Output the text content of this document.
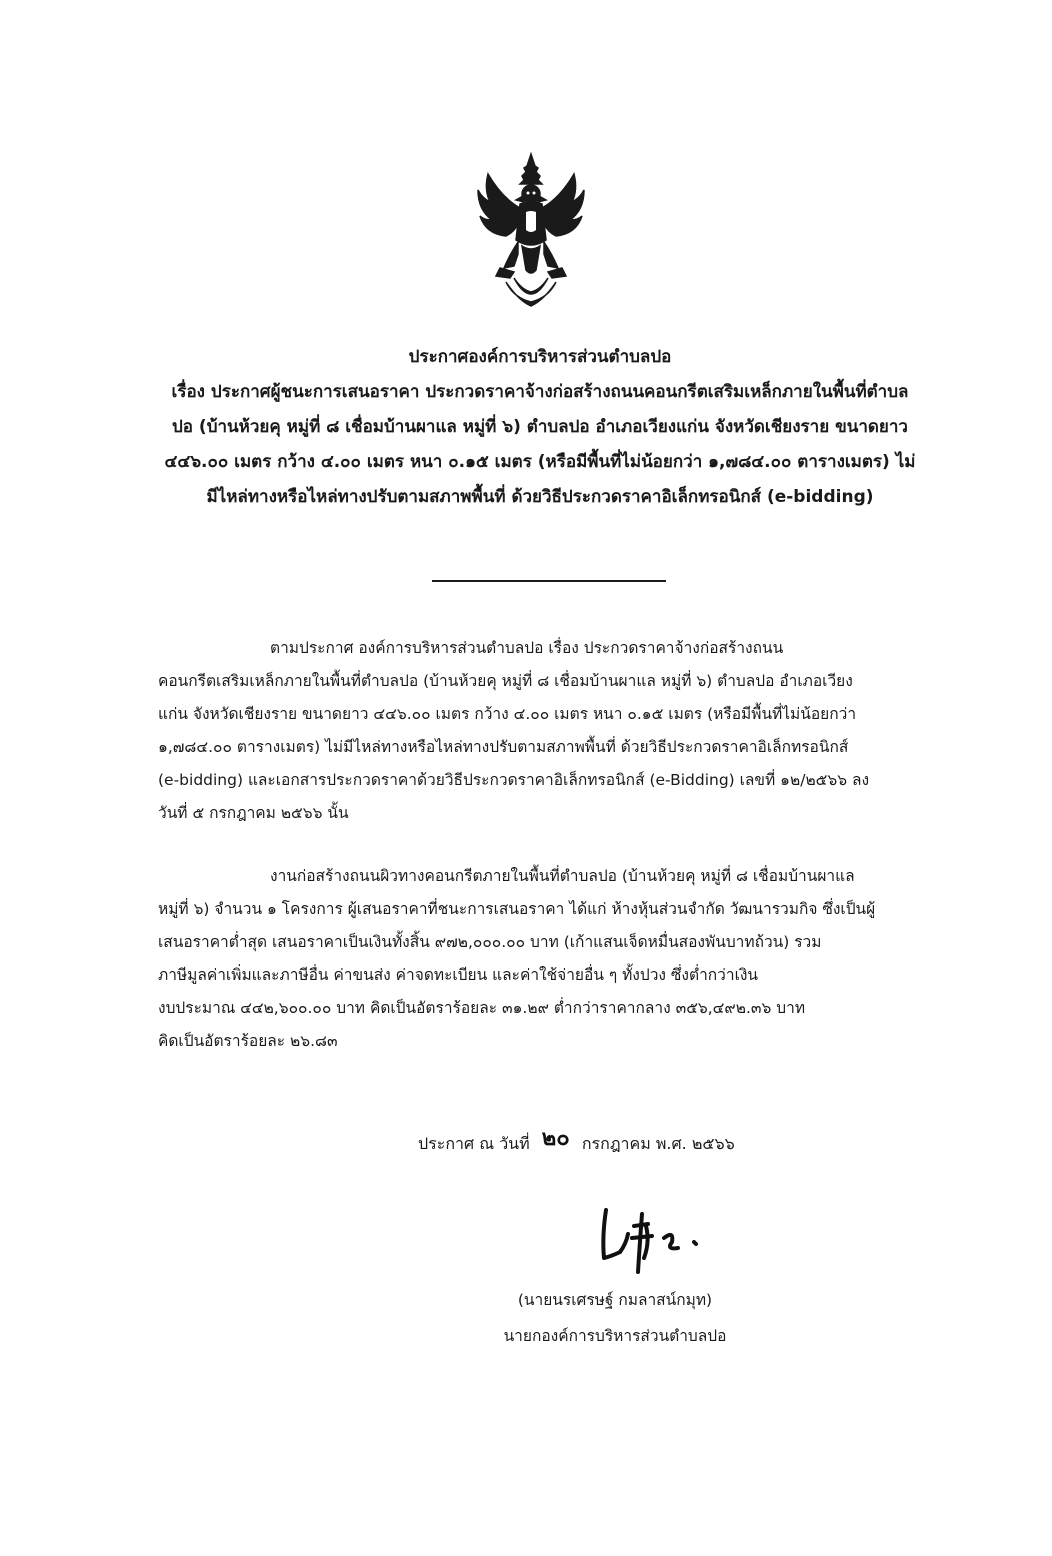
ประกาศองค์การบริหารส่วนตำบลปอ
เรื่อง ประกาศผู้ชนะการเสนอราคา ประกวดราคาจ้างก่อสร้างถนนคอนกรีตเสริมเหล็กภายในพื้นที่ตำบล
ปอ (บ้านห้วยคุ หมู่ที่ ๘ เชื่อมบ้านผาแล หมู่ที่ ๖) ตำบลปอ อำเภอเวียงแก่น จังหวัดเชียงราย ขนาดยาว
๔๔๖.๐๐ เมตร กว้าง ๔.๐๐ เมตร หนา ๐.๑๕ เมตร (หรือมีพื้นที่ไม่น้อยกว่า ๑,๗๘๔.๐๐ ตารางเมตร) ไม่
มีไหล่ทางหรือไหล่ทางปรับตามสภาพพื้นที่ ด้วยวิธีประกวดราคาอิเล็กทรอนิกส์ (e-bidding)
ตามประกาศ องค์การบริหารส่วนตำบลปอ เรื่อง ประกวดราคาจ้างก่อสร้างถนน
คอนกรีตเสริมเหล็กภายในพื้นที่ตำบลปอ (บ้านห้วยคุ หมู่ที่ ๘ เชื่อมบ้านผาแล หมู่ที่ ๖) ตำบลปอ อำเภอเวียง
แก่น จังหวัดเชียงราย ขนาดยาว ๔๔๖.๐๐ เมตร กว้าง ๔.๐๐ เมตร หนา ๐.๑๕ เมตร (หรือมีพื้นที่ไม่น้อยกว่า
๑,๗๘๔.๐๐ ตารางเมตร) ไม่มีไหล่ทางหรือไหล่ทางปรับตามสภาพพื้นที่ ด้วยวิธีประกวดราคาอิเล็กทรอนิกส์
(e-bidding) และเอกสารประกวดราคาด้วยวิธีประกวดราคาอิเล็กทรอนิกส์ (e-Bidding) เลขที่ ๑๒/๒๕๖๖ ลง
วันที่ ๕ กรกฎาคม ๒๕๖๖ นั้น
งานก่อสร้างถนนผิวทางคอนกรีตภายในพื้นที่ตำบลปอ (บ้านห้วยคุ หมู่ที่ ๘ เชื่อมบ้านผาแล
หมู่ที่ ๖) จำนวน ๑ โครงการ ผู้เสนอราคาที่ชนะการเสนอราคา ได้แก่ ห้างหุ้นส่วนจำกัด วัฒนารวมกิจ ซึ่งเป็นผู้
เสนอราคาต่ำสุด เสนอราคาเป็นเงินทั้งสิ้น ๙๗๒,๐๐๐.๐๐ บาท (เก้าแสนเจ็ดหมื่นสองพันบาทถ้วน) รวม
ภาษีมูลค่าเพิ่มและภาษีอื่น ค่าขนส่ง ค่าจดทะเบียน และค่าใช้จ่ายอื่น ๆ ทั้งปวง ซึ่งต่ำกว่าเงิน
งบประมาณ ๔๔๒,๖๐๐.๐๐ บาท คิดเป็นอัตราร้อยละ ๓๑.๒๙ ต่ำกว่าราคากลาง ๓๕๖,๔๙๒.๓๖ บาท
คิดเป็นอัตราร้อยละ ๒๖.๘๓
ประกาศ ณ วันที่ ๒๐ กรกฎาคม พ.ศ. ๒๕๖๖
(นายนรเศรษฐ์ กมลาสน์กมุท)
นายกองค์การบริหารส่วนตำบลปอ
